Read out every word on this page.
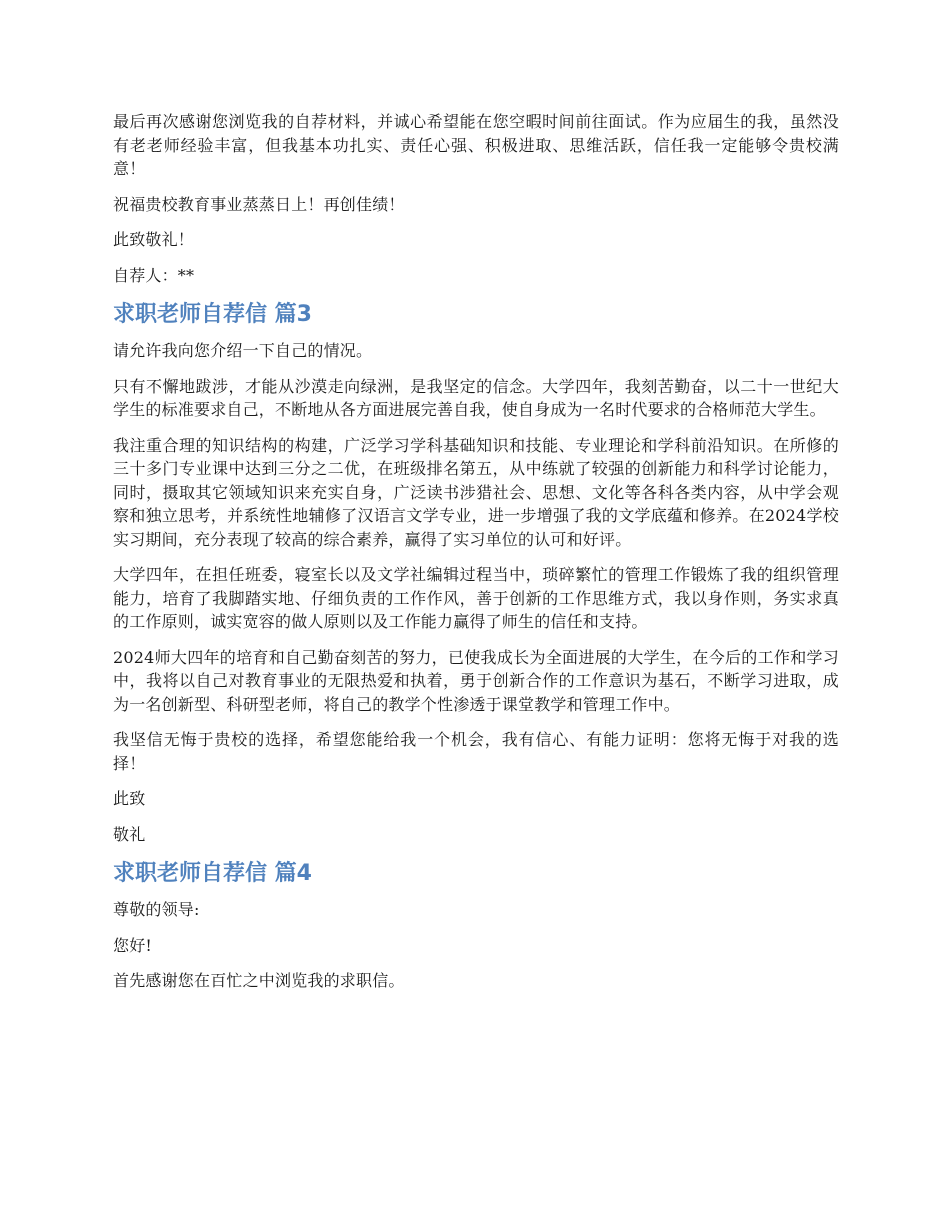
最后再次感谢您浏览我的自荐材料，并诚心希望能在您空暇时间前往面试。作为应届生的我，虽然没有老老师经验丰富，但我基本功扎实、责任心强、积极进取、思维活跃，信任我一定能够令贵校满意！

祝福贵校教育事业蒸蒸日上！再创佳绩！

此致敬礼！

自荐人：**

求职老师自荐信 篇3

请允许我向您介绍一下自己的情况。

只有不懈地跋涉，才能从沙漠走向绿洲，是我坚定的信念。大学四年，我刻苦勤奋，以二十一世纪大学生的标准要求自己，不断地从各方面进展完善自我，使自身成为一名时代要求的合格师范大学生。

我注重合理的知识结构的构建，广泛学习学科基础知识和技能、专业理论和学科前沿知识。在所修的三十多门专业课中达到三分之二优，在班级排名第五，从中练就了较强的创新能力和科学讨论能力，同时，摄取其它领域知识来充实自身，广泛读书涉猎社会、思想、文化等各科各类内容，从中学会观察和独立思考，并系统性地辅修了汉语言文学专业，进一步增强了我的文学底蕴和修养。在2024学校实习期间，充分表现了较高的综合素养，赢得了实习单位的认可和好评。

大学四年，在担任班委，寝室长以及文学社编辑过程当中，琐碎繁忙的管理工作锻炼了我的组织管理能力，培育了我脚踏实地、仔细负责的工作作风，善于创新的工作思维方式，我以身作则，务实求真的工作原则，诚实宽容的做人原则以及工作能力赢得了师生的信任和支持。

2024师大四年的培育和自己勤奋刻苦的努力，已使我成长为全面进展的大学生，在今后的工作和学习中，我将以自己对教育事业的无限热爱和执着，勇于创新合作的工作意识为基石，不断学习进取，成为一名创新型、科研型老师，将自己的教学个性渗透于课堂教学和管理工作中。

我坚信无悔于贵校的选择，希望您能给我一个机会，我有信心、有能力证明：您将无悔于对我的选择！

此致

敬礼

求职老师自荐信 篇4

尊敬的领导:

您好!

首先感谢您在百忙之中浏览我的求职信。
